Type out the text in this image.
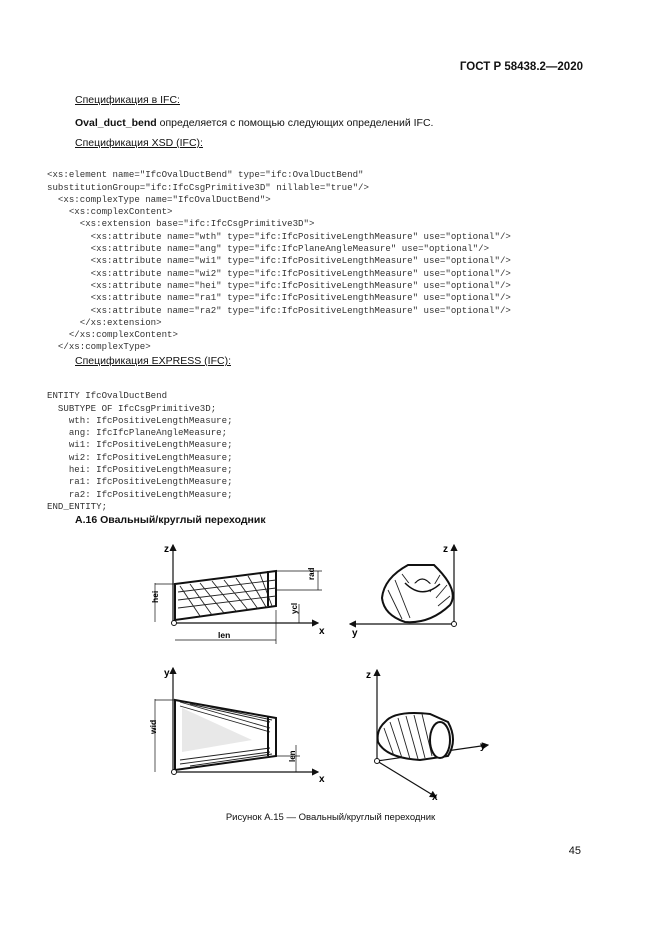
ГОСТ Р 58438.2—2020
Спецификация в IFC:
Oval_duct_bend определяется с помощью следующих определений IFC.
Спецификация XSD (IFC):

<xs:element name="IfcOvalDuctBend" type="ifc:OvalDuctBend"
substitutionGroup="ifc:IfcCsgPrimitive3D" nillable="true"/>
<xs:complexType name="IfcOvalDuctBend">
<xs:complexContent>
<xs:extension base="ifc:IfcCsgPrimitive3D">
<xs:attribute name="wth" type="ifc:IfcPositiveLengthMeasure" use="optional"/>
<xs:attribute name="ang" type="ifc:IfcPlaneAngleMeasure" use="optional"/>
<xs:attribute name="wi1" type="ifc:IfcPositiveLengthMeasure" use="optional"/>
<xs:attribute name="wi2" type="ifc:IfcPositiveLengthMeasure" use="optional"/>
<xs:attribute name="hei" type="ifc:IfcPositiveLengthMeasure" use="optional"/>
<xs:attribute name="ra1" type="ifc:IfcPositiveLengthMeasure" use="optional"/>
<xs:attribute name="ra2" type="ifc:IfcPositiveLengthMeasure" use="optional"/>
</xs:extension>
</xs:complexContent>
</xs:complexType>

Спецификация EXPRESS (IFC):

ENTITY IfcOvalDuctBend
SUBTYPE OF IfcCsgPrimitive3D;
wth: IfcPositiveLengthMeasure;
ang: IfcIfcPlaneAngleMeasure;
wi1: IfcPositiveLengthMeasure;
wi2: IfcPositiveLengthMeasure;
hei: IfcPositiveLengthMeasure;
ra1: IfcPositiveLengthMeasure;
ra2: IfcPositiveLengthMeasure;
END_ENTITY;

А.16 Овальный/круглый переходник
z
x
hei
len
rad
ycl
z
y
y
x
wid
len
z
y
x
Рисунок А.15 — Овальный/круглый переходник
45
